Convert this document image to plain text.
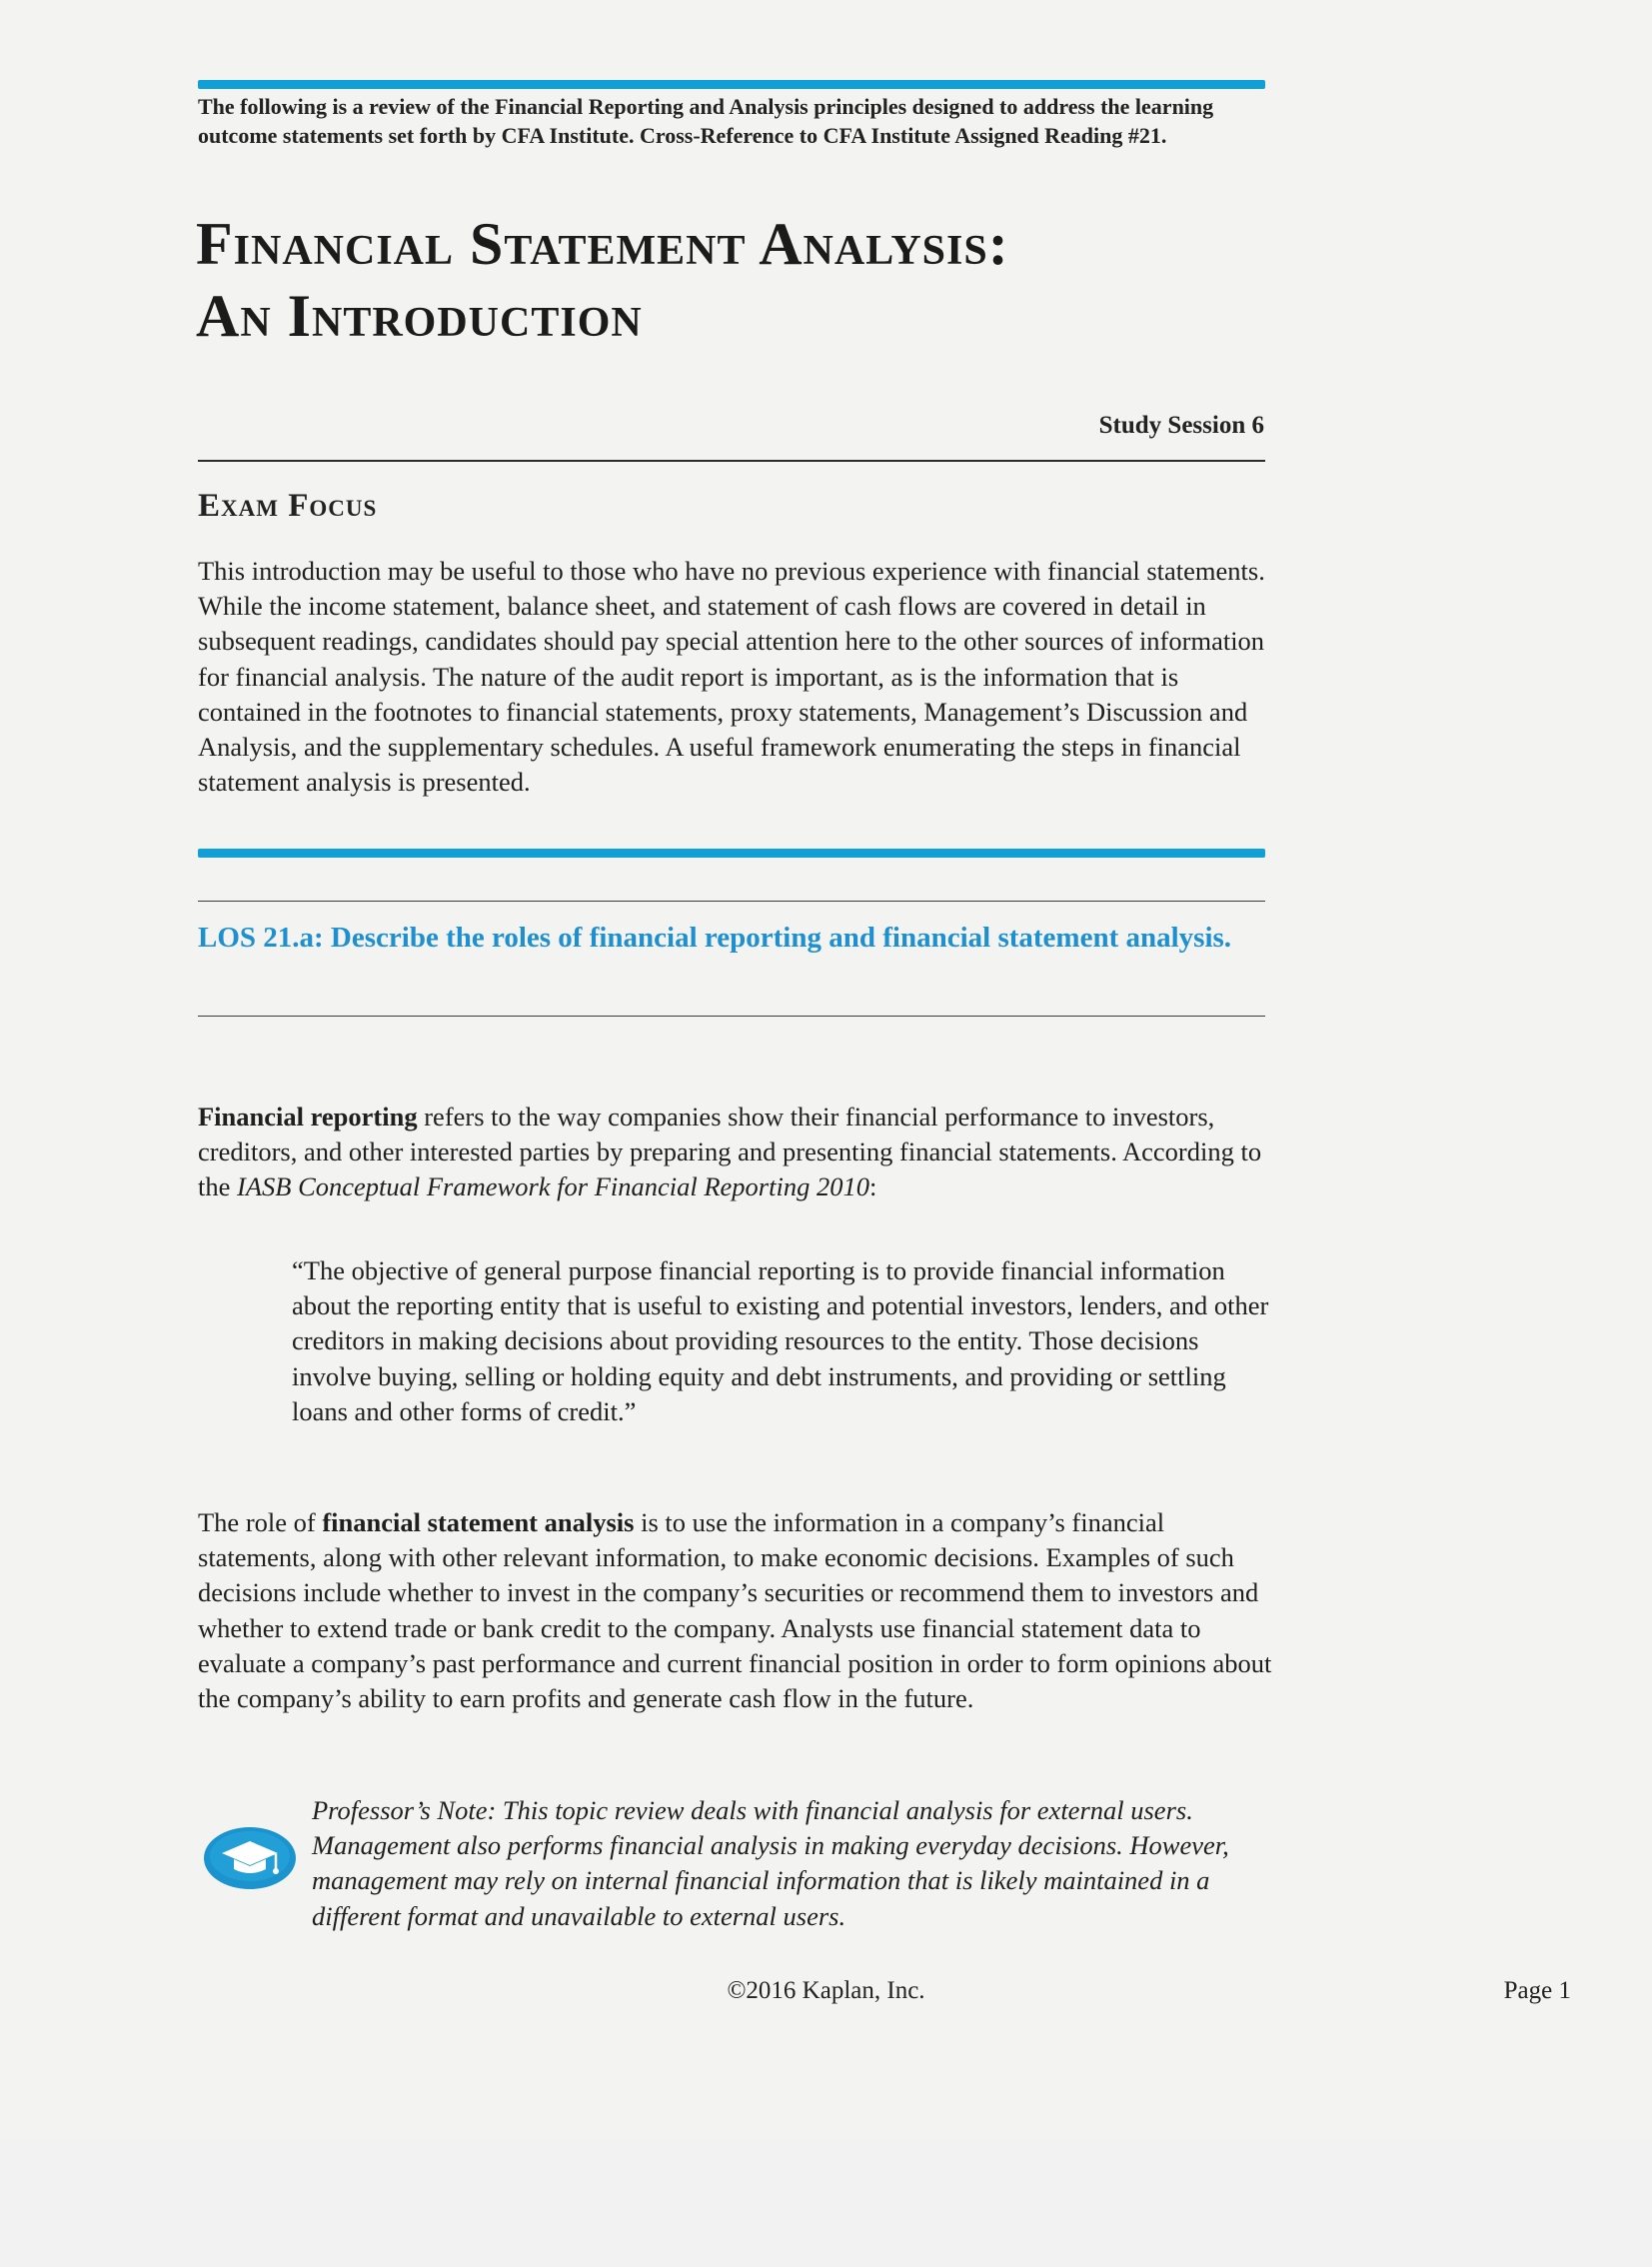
The following is a review of the Financial Reporting and Analysis principles designed to address the learning outcome statements set forth by CFA Institute. Cross-Reference to CFA Institute Assigned Reading #21.
Financial Statement Analysis:
An Introduction
Study Session 6
Exam Focus
This introduction may be useful to those who have no previous experience with financial statements. While the income statement, balance sheet, and statement of cash flows are covered in detail in subsequent readings, candidates should pay special attention here to the other sources of information for financial analysis. The nature of the audit report is important, as is the information that is contained in the footnotes to financial statements, proxy statements, Management’s Discussion and Analysis, and the supplementary schedules. A useful framework enumerating the steps in financial statement analysis is presented.
LOS 21.a: Describe the roles of financial reporting and financial statement analysis.
Financial reporting refers to the way companies show their financial performance to investors, creditors, and other interested parties by preparing and presenting financial statements. According to the IASB Conceptual Framework for Financial Reporting 2010:
“The objective of general purpose financial reporting is to provide financial information about the reporting entity that is useful to existing and potential investors, lenders, and other creditors in making decisions about providing resources to the entity. Those decisions involve buying, selling or holding equity and debt instruments, and providing or settling loans and other forms of credit.”
The role of financial statement analysis is to use the information in a company’s financial statements, along with other relevant information, to make economic decisions. Examples of such decisions include whether to invest in the company’s securities or recommend them to investors and whether to extend trade or bank credit to the company. Analysts use financial statement data to evaluate a company’s past performance and current financial position in order to form opinions about the company’s ability to earn profits and generate cash flow in the future.
Professor’s Note: This topic review deals with financial analysis for external users. Management also performs financial analysis in making everyday decisions. However, management may rely on internal financial information that is likely maintained in a different format and unavailable to external users.
©2016 Kaplan, Inc.	Page 1
